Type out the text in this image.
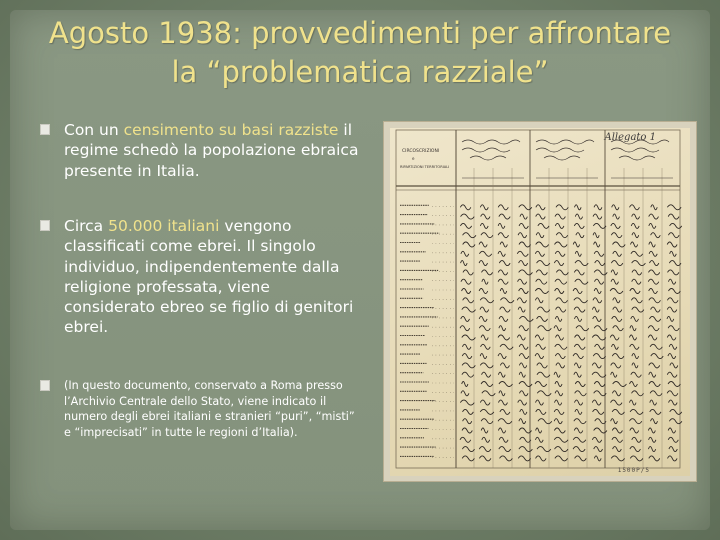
Agosto 1938: provvedimenti per affrontare la “problematica razziale”
Con un censimento su basi razziste il regime schedò la popolazione ebraica presente in Italia.
Circa 50.000 italiani vengono classificati come ebrei. Il singolo individuo, indipendentemente dalla religione professata, viene considerato ebreo se figlio di genitori ebrei.
(In questo documento, conservato a Roma presso l’Archivio Centrale dello Stato, viene indicato il numero degli ebrei italiani e stranieri “puri”, “misti” e “imprecisati” in tutte le regioni d’Italia).
CIRCOSCRIZIONI
e
RIPARTIZIONI TERRITORIALI
Allegato 1
1500P/5
